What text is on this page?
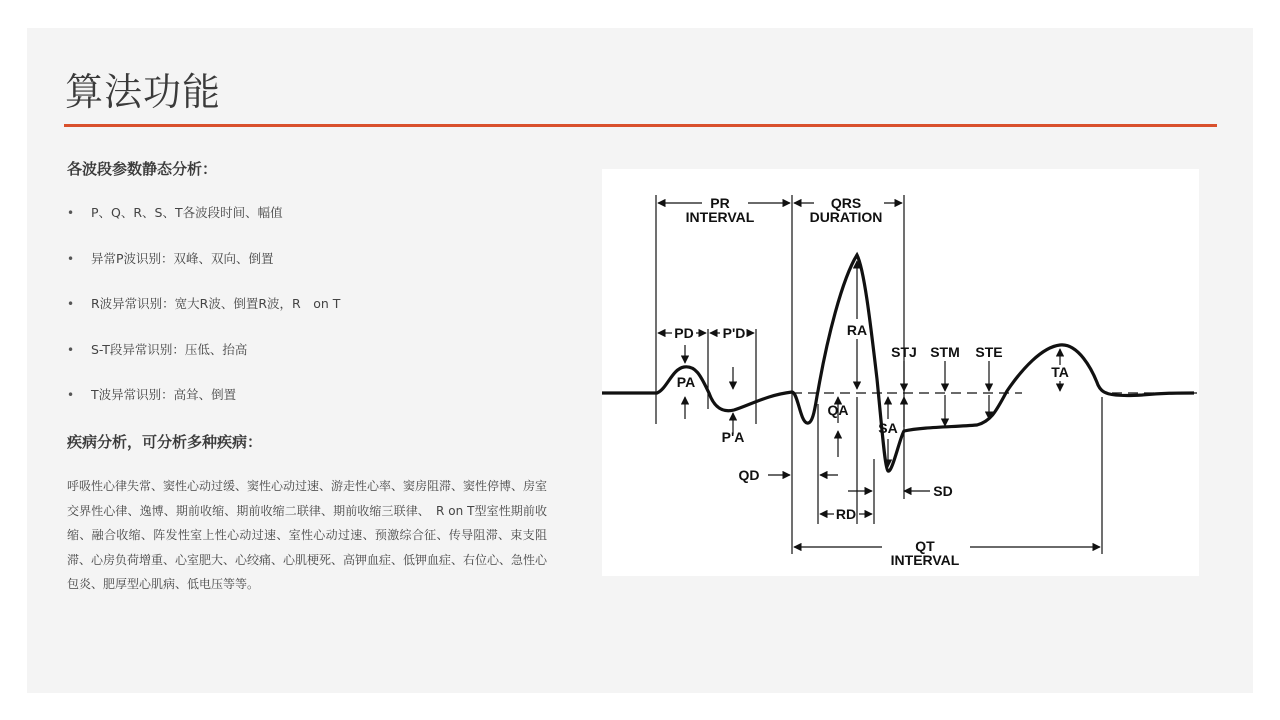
算法功能
各波段参数静态分析：
• P、Q、R、S、T各波段时间、幅值
• 异常P波识别：双峰、双向、倒置
• R波异常识别：宽大R波、倒置R波，R　on T
• S-T段异常识别：压低、抬高
• T波异常识别：高耸、倒置
疾病分析，可分析多种疾病：
呼吸性心律失常、窦性心动过缓、窦性心动过速、游走性心率、窦房阻滞、窦性停博、房室交界性心律、逸博、期前收缩、期前收缩二联律、期前收缩三联律、　R on T型室性期前收缩、融合收缩、阵发性室上性心动过速、室性心动过速、预激综合征、传导阻滞、束支阻滞、心房负荷增重、心室肥大、心绞痛、心肌梗死、高钾血症、低钾血症、右位心、急性心包炎、肥厚型心肌病、低电压等等。
PR
INTERVAL
QRS
DURATION
PD P'D
PA
P'A
RA
QA
SA
STJ STM STE
TA
QD
RD
SD
QT
INTERVAL
